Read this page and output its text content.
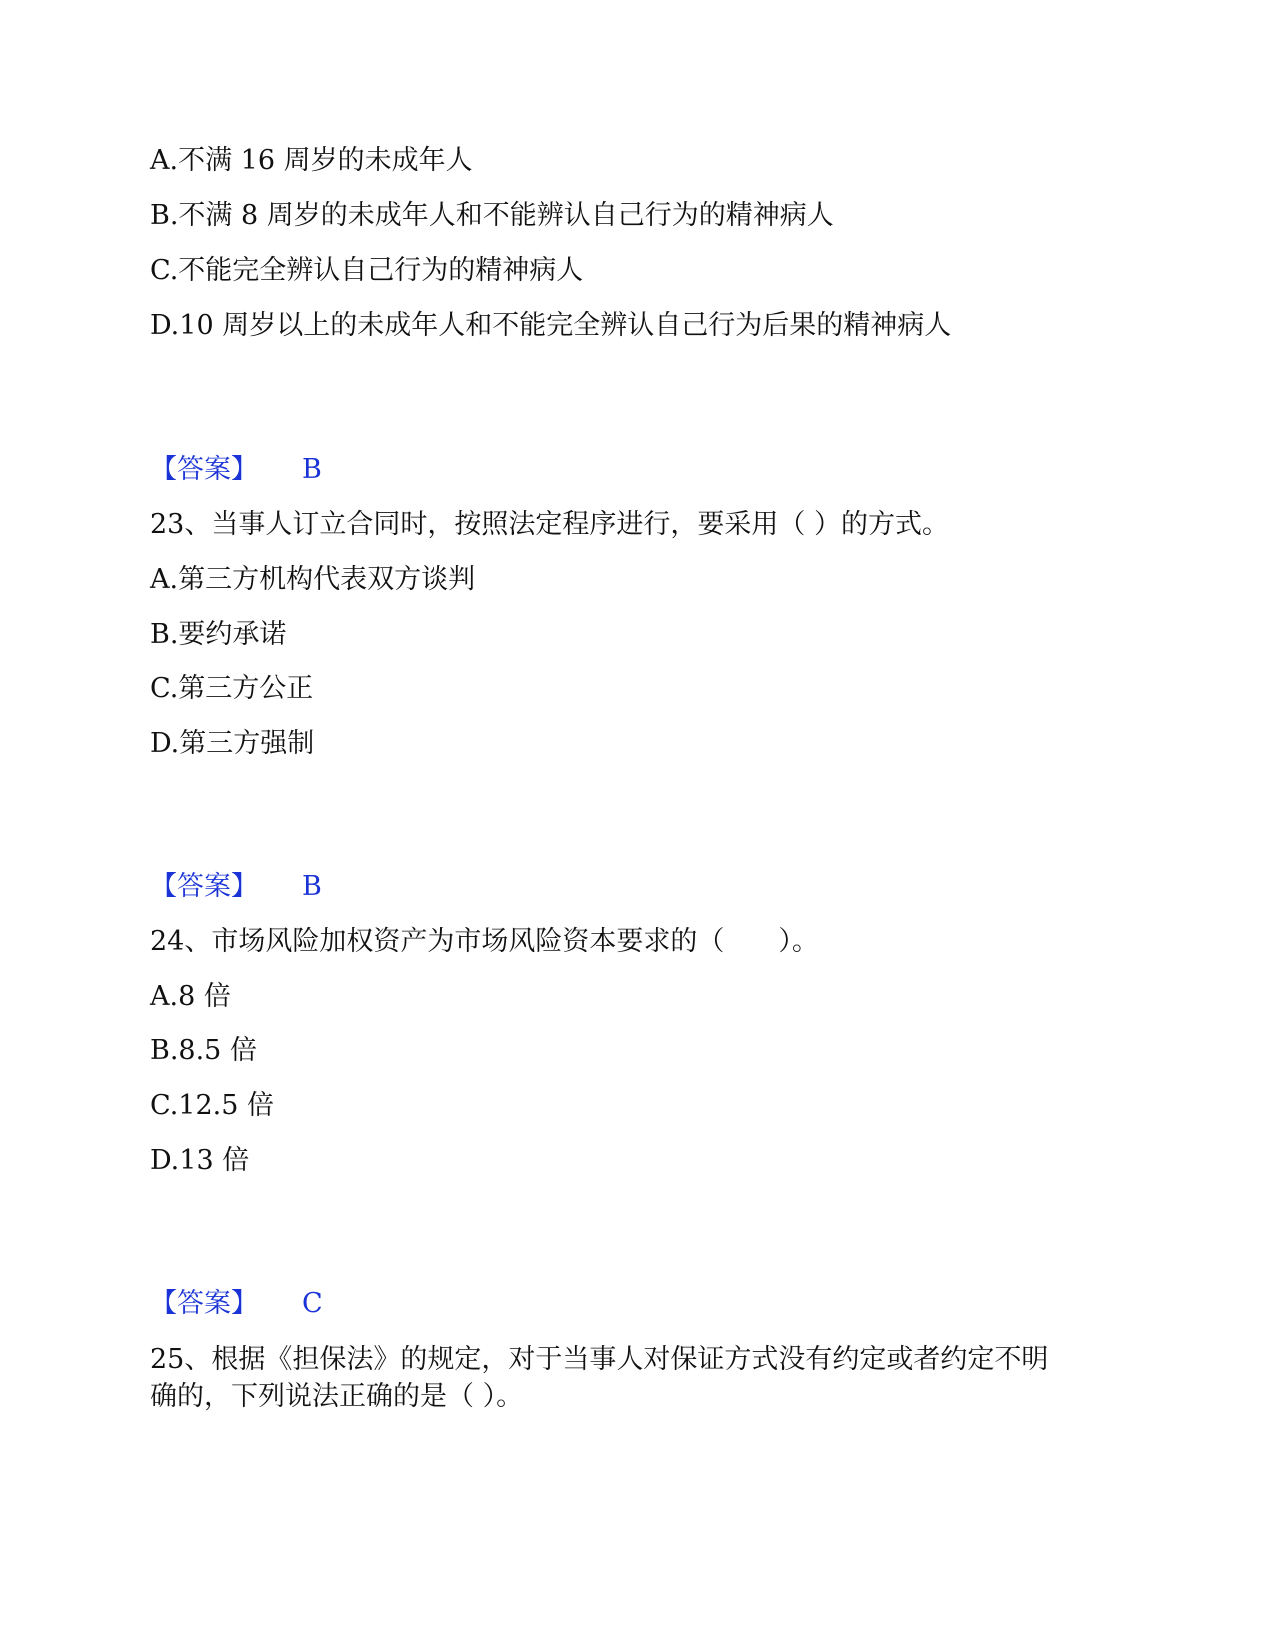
A.不满 16 周岁的未成年人

B.不满 8 周岁的未成年人和不能辨认自己行为的精神病人

C.不能完全辨认自己行为的精神病人

D.10 周岁以上的未成年人和不能完全辨认自己行为后果的精神病人

【答案】 B

23、当事人订立合同时，按照法定程序进行，要采用（ ）的方式。

A.第三方机构代表双方谈判

B.要约承诺

C.第三方公正

D.第三方强制

【答案】 B

24、市场风险加权资产为市场风险资本要求的（　　）。

A.8 倍

B.8.5 倍

C.12.5 倍

D.13 倍

【答案】 C

25、根据《担保法》的规定，对于当事人对保证方式没有约定或者约定不明

确的，下列说法正确的是（ ）。
